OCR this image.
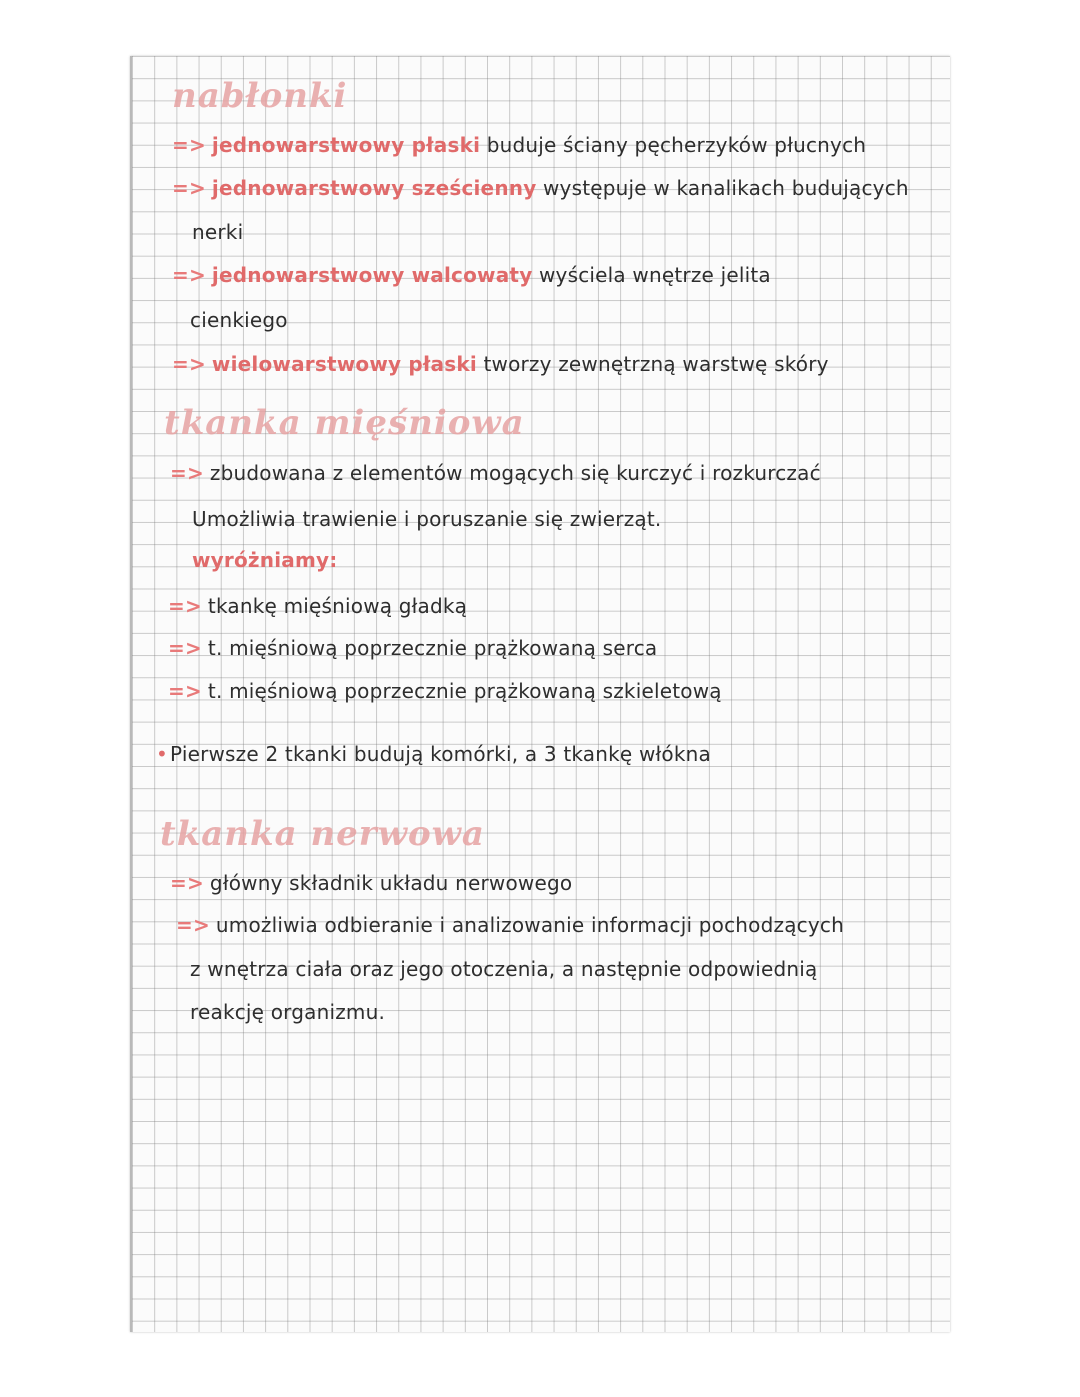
nabłonki
=> jednowarstwowy płaski buduje ściany pęcherzyków płucnych
=> jednowarstwowy sześcienny występuje w kanalikach budujących
nerki
=> jednowarstwowy walcowaty wyściela wnętrze jelita
cienkiego
=> wielowarstwowy płaski tworzy zewnętrzną warstwę skóry
tkanka mięśniowa
=> zbudowana z elementów mogących się kurczyć i rozkurczać
Umożliwia trawienie i poruszanie się zwierząt.
wyróżniamy:
=> tkankę mięśniową gładką
=> t. mięśniową poprzecznie prążkowaną serca
=> t. mięśniową poprzecznie prążkowaną szkieletową
• Pierwsze 2 tkanki budują komórki, a 3 tkankę włókna
tkanka nerwowa
=> główny składnik układu nerwowego
=> umożliwia odbieranie i analizowanie informacji pochodzących
z wnętrza ciała oraz jego otoczenia, a następnie odpowiednią
reakcję organizmu.
